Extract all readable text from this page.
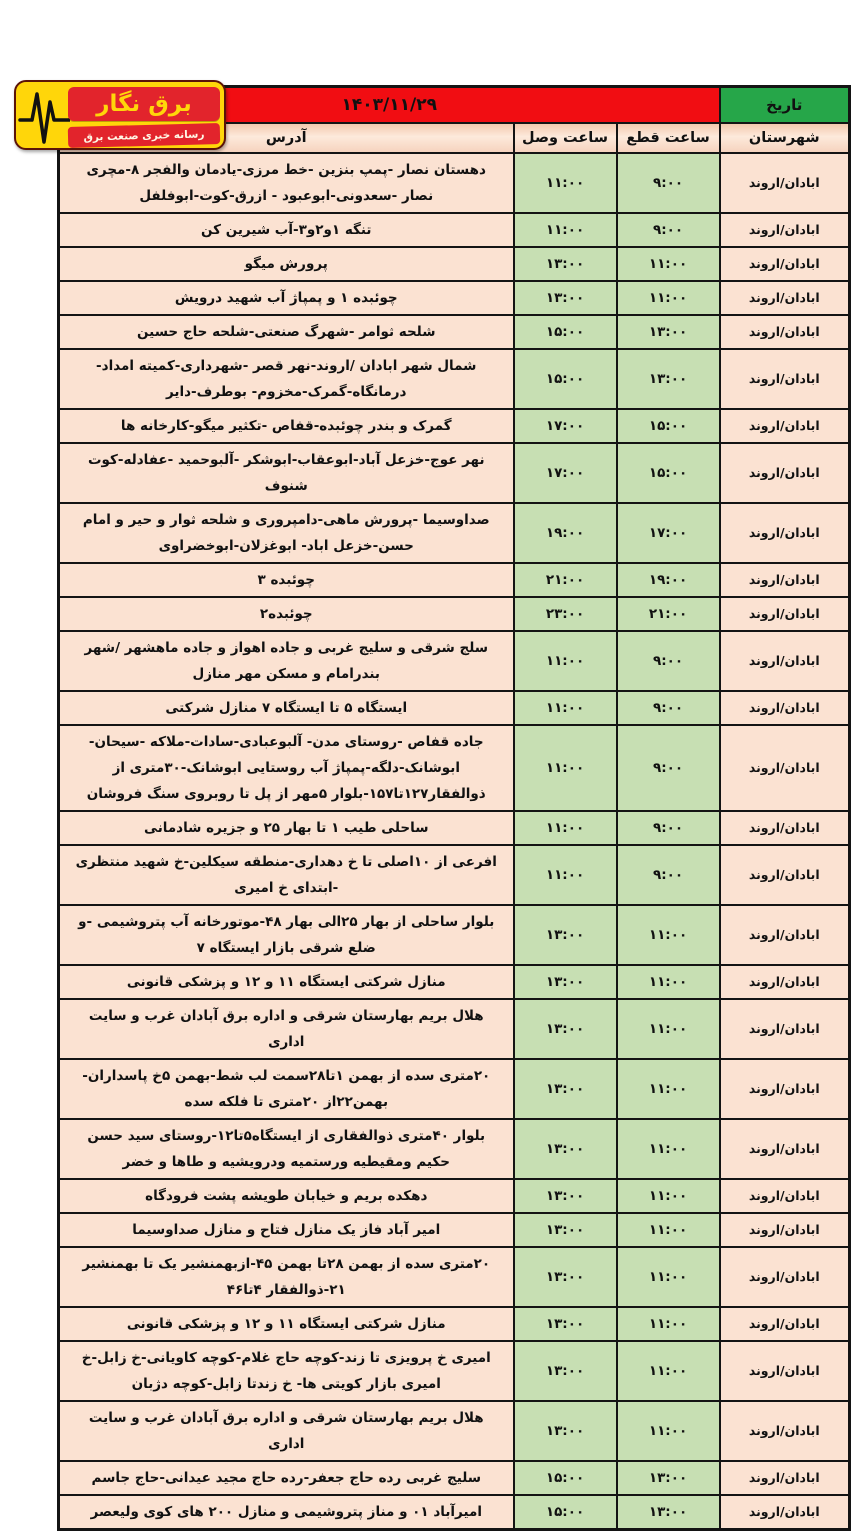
تاریخ	۱۴۰۳/۱۱/۲۹		
شهرستان	ساعت قطع	ساعت وصل	آدرس
ابادان/اروند	۹:۰۰	۱۱:۰۰	دهستان نصار -پمپ بنزین -خط مرزی-یادمان والفجر ۸-مچری نصار -سعدونی-ابوعبود - ازرق-کوت-ابوفلفل
ابادان/اروند	۹:۰۰	۱۱:۰۰	تنگه ۱و۲و۳-آب شیرین کن
ابادان/اروند	۱۱:۰۰	۱۳:۰۰	پرورش میگو
ابادان/اروند	۱۱:۰۰	۱۳:۰۰	چوئبده ۱ و پمپاژ آب شهید درویش
ابادان/اروند	۱۳:۰۰	۱۵:۰۰	شلحه ثوامر -شهرگ صنعتی-شلحه حاج حسین
ابادان/اروند	۱۳:۰۰	۱۵:۰۰	شمال شهر ابادان /اروند-نهر قصر -شهرداری-کمیته امداد-درمانگاه-گمرک-مخزوم- بوطرف-دایر
ابادان/اروند	۱۵:۰۰	۱۷:۰۰	گمرک و بندر چوئبده-قفاص -تکثیر میگو-کارخانه ها
ابادان/اروند	۱۵:۰۰	۱۷:۰۰	نهر عوج-خزعل آباد-ابوعقاب-ابوشکر -آلبوحمید -عفادله-کوت شنوف
ابادان/اروند	۱۷:۰۰	۱۹:۰۰	صداوسیما -پرورش ماهی-دامپروری و شلحه ثوار و حیر و امام حسن-خزعل اباد- ابوغزلان-ابوخضراوی
ابادان/اروند	۱۹:۰۰	۲۱:۰۰	چوئبده ۳
ابادان/اروند	۲۱:۰۰	۲۳:۰۰	چوئبده۲
ابادان/اروند	۹:۰۰	۱۱:۰۰	سلج شرقی و سلیج غربی و جاده اهواز و جاده ماهشهر /شهر بندرامام و مسکن مهر منازل
ابادان/اروند	۹:۰۰	۱۱:۰۰	ایستگاه ۵ تا ایستگاه ۷ منازل شرکتی
ابادان/اروند	۹:۰۰	۱۱:۰۰	جاده قفاص -روستای مدن- آلبوعبادی-سادات-ملاکه -سیحان-ابوشانک-دلگه-پمپاژ آب روستایی ابوشانک-۳۰متری از ذوالفقار۱۲۷تا۱۵۷-بلوار ۵مهر از پل تا روبروی سنگ فروشان
ابادان/اروند	۹:۰۰	۱۱:۰۰	ساحلی طیب ۱ تا بهار ۲۵ و جزیره شادمانی
ابادان/اروند	۹:۰۰	۱۱:۰۰	افرعی از ۱۰اصلی تا خ دهداری-منطقه سیکلین-خ شهید منتظری -ابتدای خ امیری
ابادان/اروند	۱۱:۰۰	۱۳:۰۰	بلوار ساحلی از بهار ۲۵الی بهار ۴۸-موتورخانه آب پتروشیمی -و ضلع شرقی بازار ایستگاه ۷
ابادان/اروند	۱۱:۰۰	۱۳:۰۰	منازل شرکتی ایستگاه ۱۱ و ۱۲ و پزشکی قانونی
ابادان/اروند	۱۱:۰۰	۱۳:۰۰	هلال بریم بهارستان شرقی و اداره برق آبادان غرب و سایت اداری
ابادان/اروند	۱۱:۰۰	۱۳:۰۰	۲۰متری سده از بهمن ۱تا۲۸سمت لب شط-بهمن ۵خ پاسداران-بهمن۲۲از ۲۰متری تا فلکه سده
ابادان/اروند	۱۱:۰۰	۱۳:۰۰	بلوار ۴۰متری ذوالفقاری از ایستگاه۵تا۱۲-روستای سید حسن حکیم ومقیطیه ورستمیه ودرویشیه و طاها و خضر
ابادان/اروند	۱۱:۰۰	۱۳:۰۰	دهکده بریم و خیابان طویشه پشت فرودگاه
ابادان/اروند	۱۱:۰۰	۱۳:۰۰	امیر آباد فاز یک منازل فتاح و منازل صداوسیما
ابادان/اروند	۱۱:۰۰	۱۳:۰۰	۲۰متری سده از بهمن ۲۸تا بهمن ۴۵-ازبهمنشیر یک تا بهمنشیر ۲۱-ذوالفقار ۴تا۴۶
ابادان/اروند	۱۱:۰۰	۱۳:۰۰	منازل شرکتی ایستگاه ۱۱ و ۱۲ و پزشکی قانونی
ابادان/اروند	۱۱:۰۰	۱۳:۰۰	امیری خ پرویزی تا زند-کوچه حاج غلام-کوچه کاویانی-خ زابل-خ امیری بازار کویتی ها- خ زندتا زابل-کوچه دژبان
ابادان/اروند	۱۱:۰۰	۱۳:۰۰	هلال بریم بهارستان شرقی و اداره برق آبادان غرب و سایت اداری
ابادان/اروند	۱۳:۰۰	۱۵:۰۰	سلیج غربی رده حاج جعفر-رده حاج مجید عیدانی-حاج جاسم
ابادان/اروند	۱۳:۰۰	۱۵:۰۰	امیرآباد ۰۱ و مناز پتروشیمی و منازل ۲۰۰ های کوی ولیعصر
برق نگار
رسانه خبری صنعت برق
